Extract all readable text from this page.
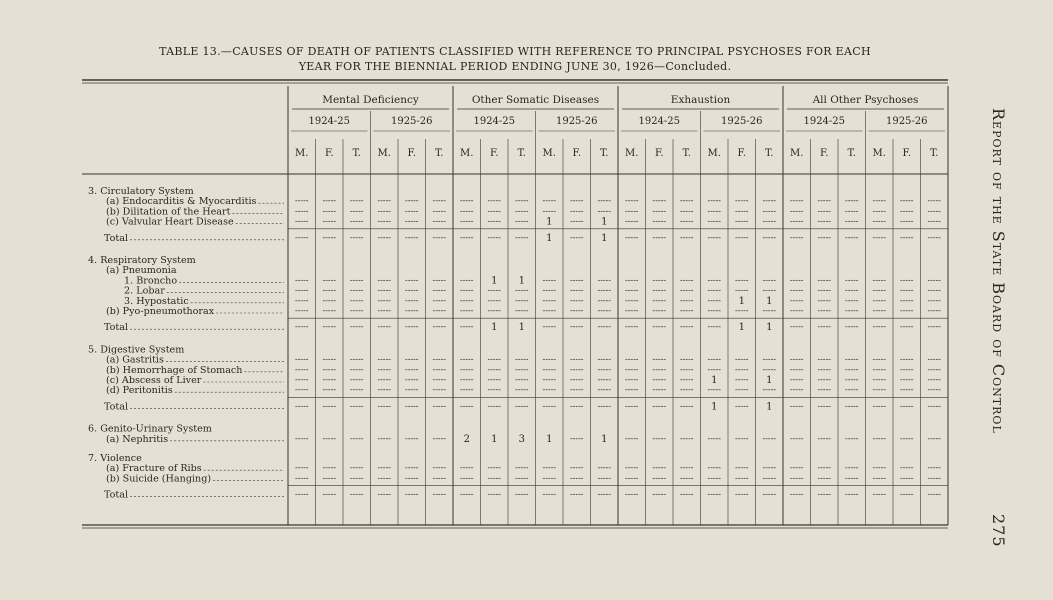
TABLE 13.—CAUSES OF DEATH OF PATIENTS CLASSIFIED WITH REFERENCE TO PRINCIPAL PSYCHOSES FOR EACH
YEAR FOR THE BIENNIAL PERIOD ENDING JUNE 30, 1926—Concluded.
Mental Deficiency
1924-25	1925-26
Other Somatic Diseases
1924-25	1925-26
Exhaustion
1924-25	1925-26
All Other Psychoses
1924-25	1925-26
M. F. T. M. F. T. M. F. T. M. F. T. M. F. T. M. F. T. M. F. T. M. F. T.
3. Circulatory System
(a) Endocarditis & Myocarditis	----- ----- ----- ----- ----- ----- ----- ----- ----- ----- ----- ----- ----- ----- ----- ----- ----- ----- ----- ----- ----- ----- ----- -----
(b) Dilitation of the Heart	----- ----- ----- ----- ----- ----- ----- ----- ----- ----- ----- ----- ----- ----- ----- ----- ----- ----- ----- ----- ----- ----- ----- -----
(c) Valvular Heart Disease	----- ----- ----- ----- ----- ----- ----- ----- ----- 1 ----- 1 ----- ----- ----- ----- ----- ----- ----- ----- ----- ----- ----- -----
Total	----- ----- ----- ----- ----- ----- ----- ----- ----- 1 ----- 1 ----- ----- ----- ----- ----- ----- ----- ----- ----- ----- ----- -----
4. Respiratory System
(a) Pneumonia
1. Broncho	----- ----- ----- ----- ----- ----- ----- 1 1 ----- ----- ----- ----- ----- ----- ----- ----- ----- ----- ----- ----- ----- ----- -----
2. Lobar	----- ----- ----- ----- ----- ----- ----- ----- ----- ----- ----- ----- ----- ----- ----- ----- ----- ----- ----- ----- ----- ----- ----- -----
3. Hypostatic	----- ----- ----- ----- ----- ----- ----- ----- ----- ----- ----- ----- ----- ----- ----- ----- 1 1 ----- ----- ----- ----- ----- -----
(b) Pyo-pneumothorax	----- ----- ----- ----- ----- ----- ----- ----- ----- ----- ----- ----- ----- ----- ----- ----- ----- ----- ----- ----- ----- ----- ----- -----
Total	----- ----- ----- ----- ----- ----- ----- 1 1 ----- ----- ----- ----- ----- ----- ----- 1 1 ----- ----- ----- ----- ----- -----
5. Digestive System
(a) Gastritis	----- ----- ----- ----- ----- ----- ----- ----- ----- ----- ----- ----- ----- ----- ----- ----- ----- ----- ----- ----- ----- ----- ----- -----
(b) Hemorrhage of Stomach	----- ----- ----- ----- ----- ----- ----- ----- ----- ----- ----- ----- ----- ----- ----- ----- ----- ----- ----- ----- ----- ----- ----- -----
(c) Abscess of Liver	----- ----- ----- ----- ----- ----- ----- ----- ----- ----- ----- ----- ----- ----- ----- 1 ----- 1 ----- ----- ----- ----- ----- -----
(d) Peritonitis	----- ----- ----- ----- ----- ----- ----- ----- ----- ----- ----- ----- ----- ----- ----- ----- ----- ----- ----- ----- ----- ----- ----- -----
Total	----- ----- ----- ----- ----- ----- ----- ----- ----- ----- ----- ----- ----- ----- ----- 1 ----- 1 ----- ----- ----- ----- ----- -----
6. Genito-Urinary System
(a) Nephritis	----- ----- ----- ----- ----- ----- 2 1 3 1 ----- 1 ----- ----- ----- ----- ----- ----- ----- ----- ----- ----- ----- -----
7. Violence
(a) Fracture of Ribs	----- ----- ----- ----- ----- ----- ----- ----- ----- ----- ----- ----- ----- ----- ----- ----- ----- ----- ----- ----- ----- ----- ----- -----
(b) Suicide (Hanging)	----- ----- ----- ----- ----- ----- ----- ----- ----- ----- ----- ----- ----- ----- ----- ----- ----- ----- ----- ----- ----- ----- ----- -----
Total	----- ----- ----- ----- ----- ----- ----- ----- ----- ----- ----- ----- ----- ----- ----- ----- ----- ----- ----- ----- ----- ----- ----- -----
Report of the State Board of Control
275
